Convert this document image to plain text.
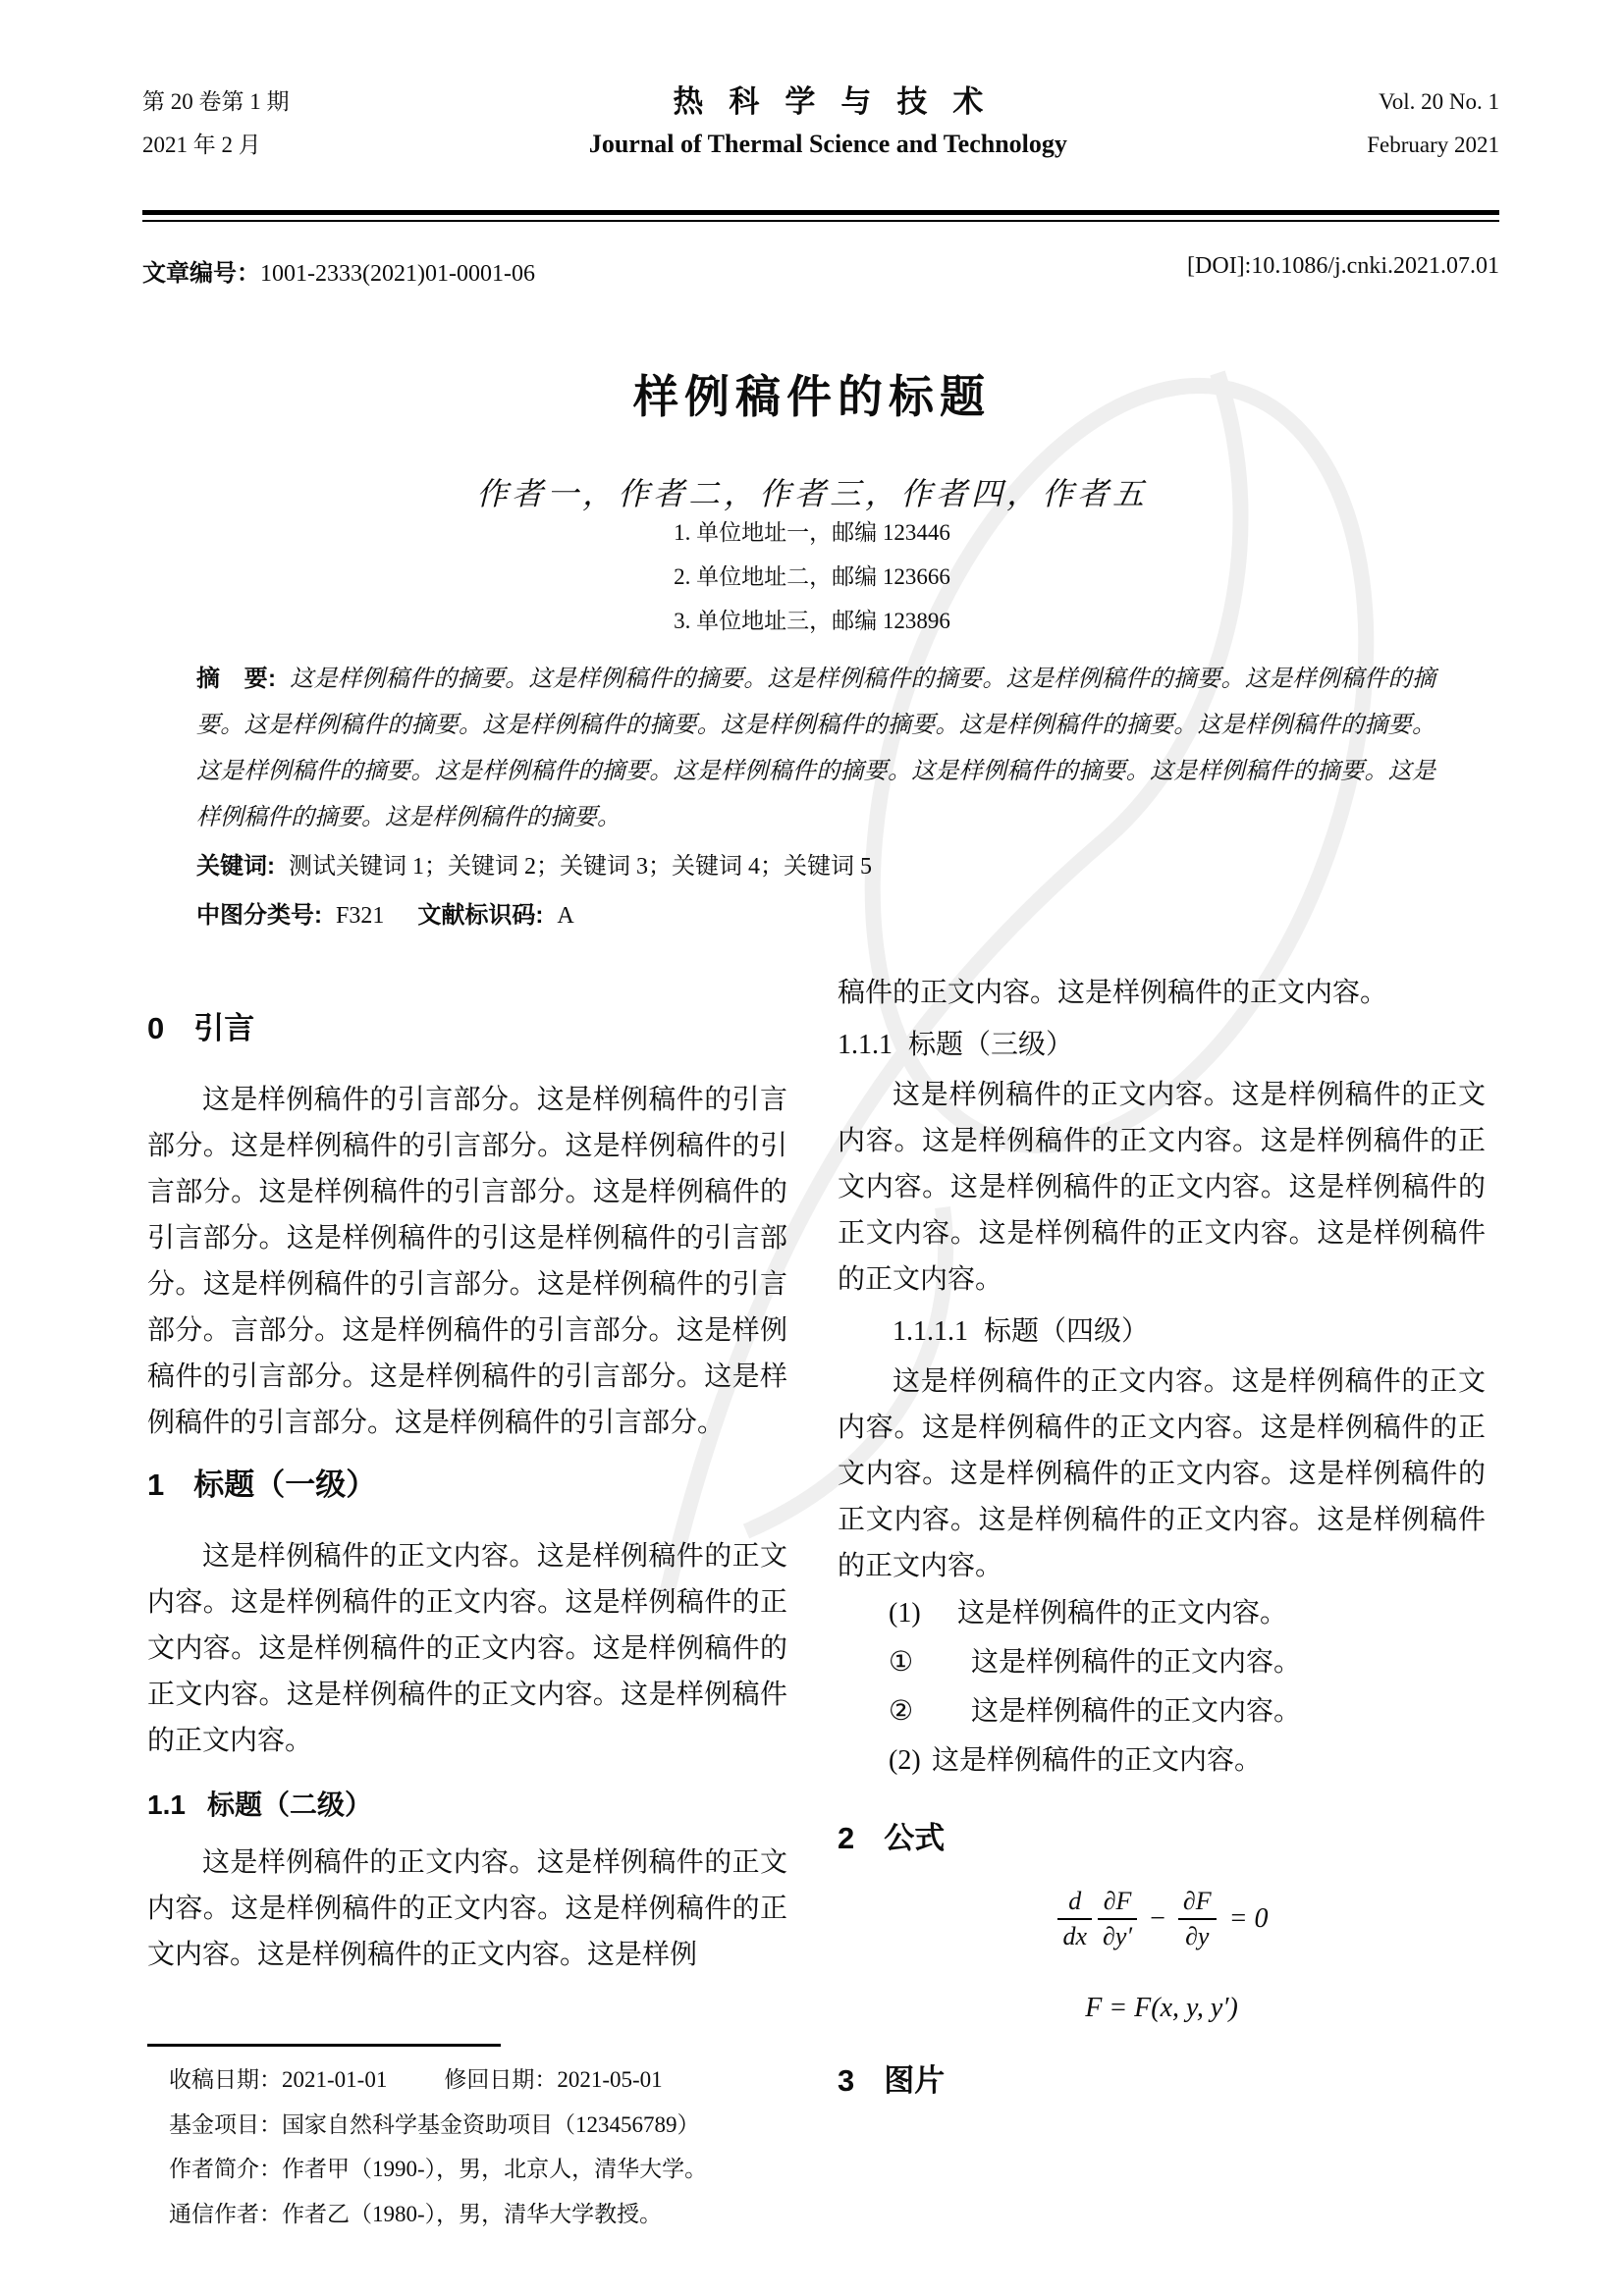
第 20 卷第 1 期
2021 年 2 月
热科学与技术
Journal of Thermal Science and Technology
Vol. 20 No. 1
February 2021
文章编号：1001-2333(2021)01-0001-06	[DOI]:10.1086/j.cnki.2021.07.01
样例稿件的标题
作者一，作者二，作者三，作者四，作者五
1. 单位地址一，邮编 123446
2. 单位地址二，邮编 123666
3. 单位地址三，邮编 123896
摘　要: 这是样例稿件的摘要。这是样例稿件的摘要。这是样例稿件的摘要。这是样例稿件的摘要。这是样例稿件的摘要。这是样例稿件的摘要。这是样例稿件的摘要。这是样例稿件的摘要。这是样例稿件的摘要。这是样例稿件的摘要。这是样例稿件的摘要。这是样例稿件的摘要。这是样例稿件的摘要。这是样例稿件的摘要。这是样例稿件的摘要。这是样例稿件的摘要。这是样例稿件的摘要。
关键词: 测试关键词 1；关键词 2；关键词 3；关键词 4；关键词 5
中图分类号: F321 文献标识码: A
0 引言

这是样例稿件的引言部分。这是样例稿件的引言部分。这是样例稿件的引言部分。这是样例稿件的引言部分。这是样例稿件的引言部分。这是样例稿件的引言部分。这是样例稿件的引这是样例稿件的引言部分。这是样例稿件的引言部分。这是样例稿件的引言部分。言部分。这是样例稿件的引言部分。这是样例稿件的引言部分。这是样例稿件的引言部分。这是样例稿件的引言部分。这是样例稿件的引言部分。

1 标题（一级）

这是样例稿件的正文内容。这是样例稿件的正文内容。这是样例稿件的正文内容。这是样例稿件的正文内容。这是样例稿件的正文内容。这是样例稿件的正文内容。这是样例稿件的正文内容。这是样例稿件的正文内容。

1.1 标题（二级）

这是样例稿件的正文内容。这是样例稿件的正文内容。这是样例稿件的正文内容。这是样例稿件的正文内容。这是样例稿件的正文内容。这是样例

稿件的正文内容。这是样例稿件的正文内容。

1.1.1 标题（三级）

这是样例稿件的正文内容。这是样例稿件的正文内容。这是样例稿件的正文内容。这是样例稿件的正文内容。这是样例稿件的正文内容。这是样例稿件的正文内容。这是样例稿件的正文内容。这是样例稿件的正文内容。

1.1.1.1 标题（四级）

这是样例稿件的正文内容。这是样例稿件的正文内容。这是样例稿件的正文内容。这是样例稿件的正文内容。这是样例稿件的正文内容。这是样例稿件的正文内容。这是样例稿件的正文内容。这是样例稿件的正文内容。

(1) 这是样例稿件的正文内容。
① 这是样例稿件的正文内容。
② 这是样例稿件的正文内容。
(2) 这是样例稿件的正文内容。
2 公式
$\frac{d}{dx} \frac{\partial F}{\partial y'} - \frac{\partial F}{\partial y} = 0$
F = F(x, y, y′)
3 图片

收稿日期：2021-01-01	修回日期：2021-05-01

基金项目：国家自然科学基金资助项目（123456789）

作者简介：作者甲（1990-），男，北京人，清华大学。

通信作者：作者乙（1980-），男，清华大学教授。
